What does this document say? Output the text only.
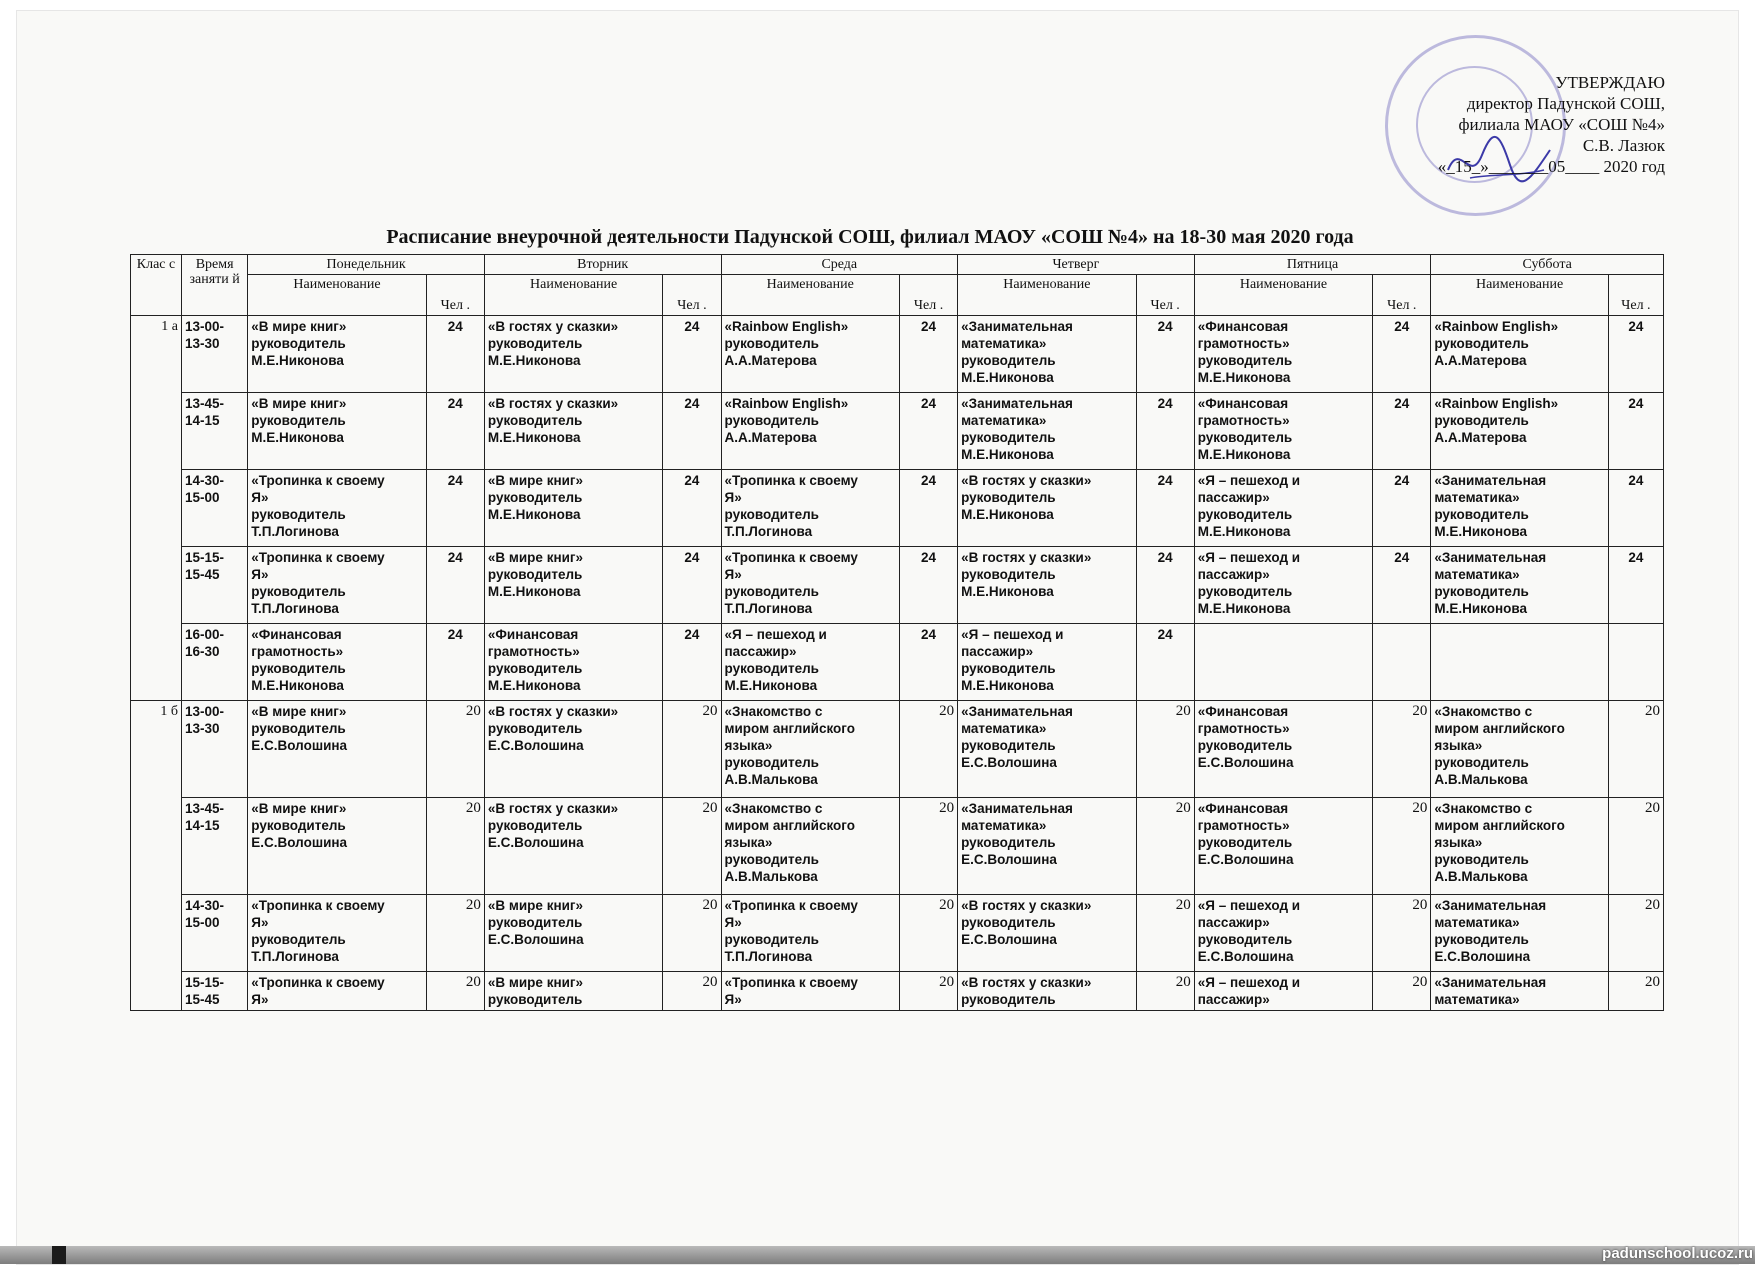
УТВЕРЖДАЮ
директор Падунской СОШ,
филиала МАОУ «СОШ №4»
С.В. Лазюк
«_15_»_______05____ 2020 год
Расписание внеурочной деятельности Падунской СОШ, филиал МАОУ «СОШ №4» на 18-30 мая 2020 года
Клас с	Время заняти й	Понедельник		Вторник		Среда		Четверг		Пятница		Суббота	
		Наименование	Чел .	Наименование	Чел .	Наименование	Чел .	Наименование	Чел .	Наименование	Чел .	Наименование	Чел .
1 а	13-00-
13-30	«В мире книг»
руководитель
М.Е.Никонова	24	«В гостях у сказки»
руководитель
М.Е.Никонова	24	«Rainbow English»
руководитель
А.А.Матерова	24	«Занимательная
математика»
руководитель
М.Е.Никонова	24	«Финансовая
грамотность»
руководитель
М.Е.Никонова	24	«Rainbow English»
руководитель
А.А.Матерова	24
	13-45-
14-15	«В мире книг»
руководитель
М.Е.Никонова	24	«В гостях у сказки»
руководитель
М.Е.Никонова	24	«Rainbow English»
руководитель
А.А.Матерова	24	«Занимательная
математика»
руководитель
М.Е.Никонова	24	«Финансовая
грамотность»
руководитель
М.Е.Никонова	24	«Rainbow English»
руководитель
А.А.Матерова	24
	14-30-
15-00	«Тропинка к своему
Я»
руководитель
Т.П.Логинова	24	«В мире книг»
руководитель
М.Е.Никонова	24	«Тропинка к своему
Я»
руководитель
Т.П.Логинова	24	«В гостях у сказки»
руководитель
М.Е.Никонова	24	«Я – пешеход и
пассажир»
руководитель
М.Е.Никонова	24	«Занимательная
математика»
руководитель
М.Е.Никонова	24
	15-15-
15-45	«Тропинка к своему
Я»
руководитель
Т.П.Логинова	24	«В мире книг»
руководитель
М.Е.Никонова	24	«Тропинка к своему
Я»
руководитель
Т.П.Логинова	24	«В гостях у сказки»
руководитель
М.Е.Никонова	24	«Я – пешеход и
пассажир»
руководитель
М.Е.Никонова	24	«Занимательная
математика»
руководитель
М.Е.Никонова	24
	16-00-
16-30	«Финансовая
грамотность»
руководитель
М.Е.Никонова	24	«Финансовая
грамотность»
руководитель
М.Е.Никонова	24	«Я – пешеход и
пассажир»
руководитель
М.Е.Никонова	24	«Я – пешеход и
пассажир»
руководитель
М.Е.Никонова	24				
1 б	13-00-
13-30	«В мире книг»
руководитель
Е.С.Волошина	20	«В гостях у сказки»
руководитель
Е.С.Волошина	20	«Знакомство с
миром английского
языка»
руководитель
А.В.Малькова	20	«Занимательная
математика»
руководитель
Е.С.Волошина	20	«Финансовая
грамотность»
руководитель
Е.С.Волошина	20	«Знакомство с
миром английского
языка»
руководитель
А.В.Малькова	20
	13-45-
14-15	«В мире книг»
руководитель
Е.С.Волошина	20	«В гостях у сказки»
руководитель
Е.С.Волошина	20	«Знакомство с
миром английского
языка»
руководитель
А.В.Малькова	20	«Занимательная
математика»
руководитель
Е.С.Волошина	20	«Финансовая
грамотность»
руководитель
Е.С.Волошина	20	«Знакомство с
миром английского
языка»
руководитель
А.В.Малькова	20
	14-30-
15-00	«Тропинка к своему
Я»
руководитель
Т.П.Логинова	20	«В мире книг»
руководитель
Е.С.Волошина	20	«Тропинка к своему
Я»
руководитель
Т.П.Логинова	20	«В гостях у сказки»
руководитель
Е.С.Волошина	20	«Я – пешеход и
пассажир»
руководитель
Е.С.Волошина	20	«Занимательная
математика»
руководитель
Е.С.Волошина	20
	15-15-
15-45	«Тропинка к своему
Я»	20	«В мире книг»
руководитель	20	«Тропинка к своему
Я»	20	«В гостях у сказки»
руководитель	20	«Я – пешеход и
пассажир»	20	«Занимательная
математика»	20
padunschool.ucoz.ru
